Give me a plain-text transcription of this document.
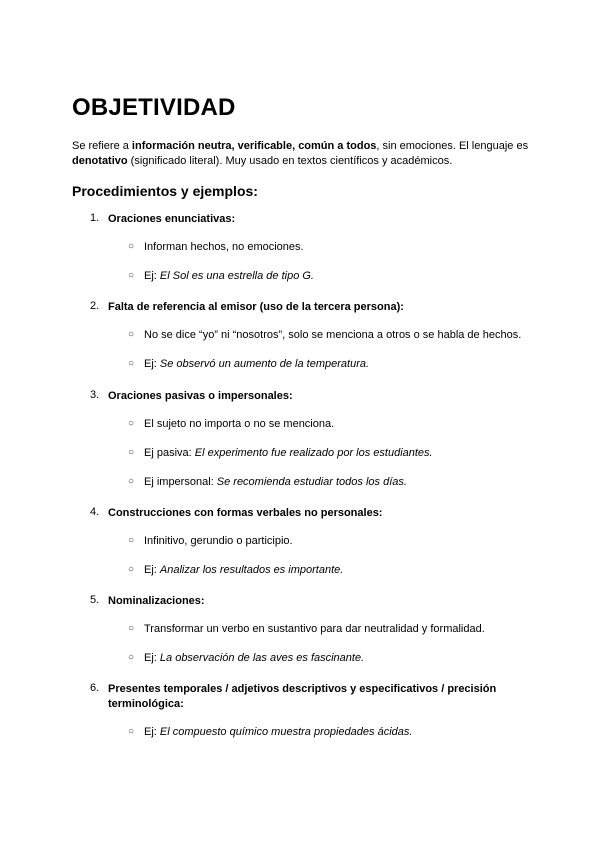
OBJETIVIDAD

Se refiere a información neutra, verificable, común a todos, sin emociones. El lenguaje es denotativo (significado literal). Muy usado en textos científicos y académicos.

Procedimientos y ejemplos:
1. Oraciones enunciativas:
○ Informan hechos, no emociones.
○ Ej: El Sol es una estrella de tipo G.
2. Falta de referencia al emisor (uso de la tercera persona):
○ No se dice “yo” ni “nosotros”, solo se menciona a otros o se habla de hechos.
○ Ej: Se observó un aumento de la temperatura.
3. Oraciones pasivas o impersonales:
○ El sujeto no importa o no se menciona.
○ Ej pasiva: El experimento fue realizado por los estudiantes.
○ Ej impersonal: Se recomienda estudiar todos los días.
4. Construcciones con formas verbales no personales:
○ Infinitivo, gerundio o participio.
○ Ej: Analizar los resultados es importante.
5. Nominalizaciones:
○ Transformar un verbo en sustantivo para dar neutralidad y formalidad.
○ Ej: La observación de las aves es fascinante.
6. Presentes temporales / adjetivos descriptivos y especificativos / precisión terminológica:
○ Ej: El compuesto químico muestra propiedades ácidas.
